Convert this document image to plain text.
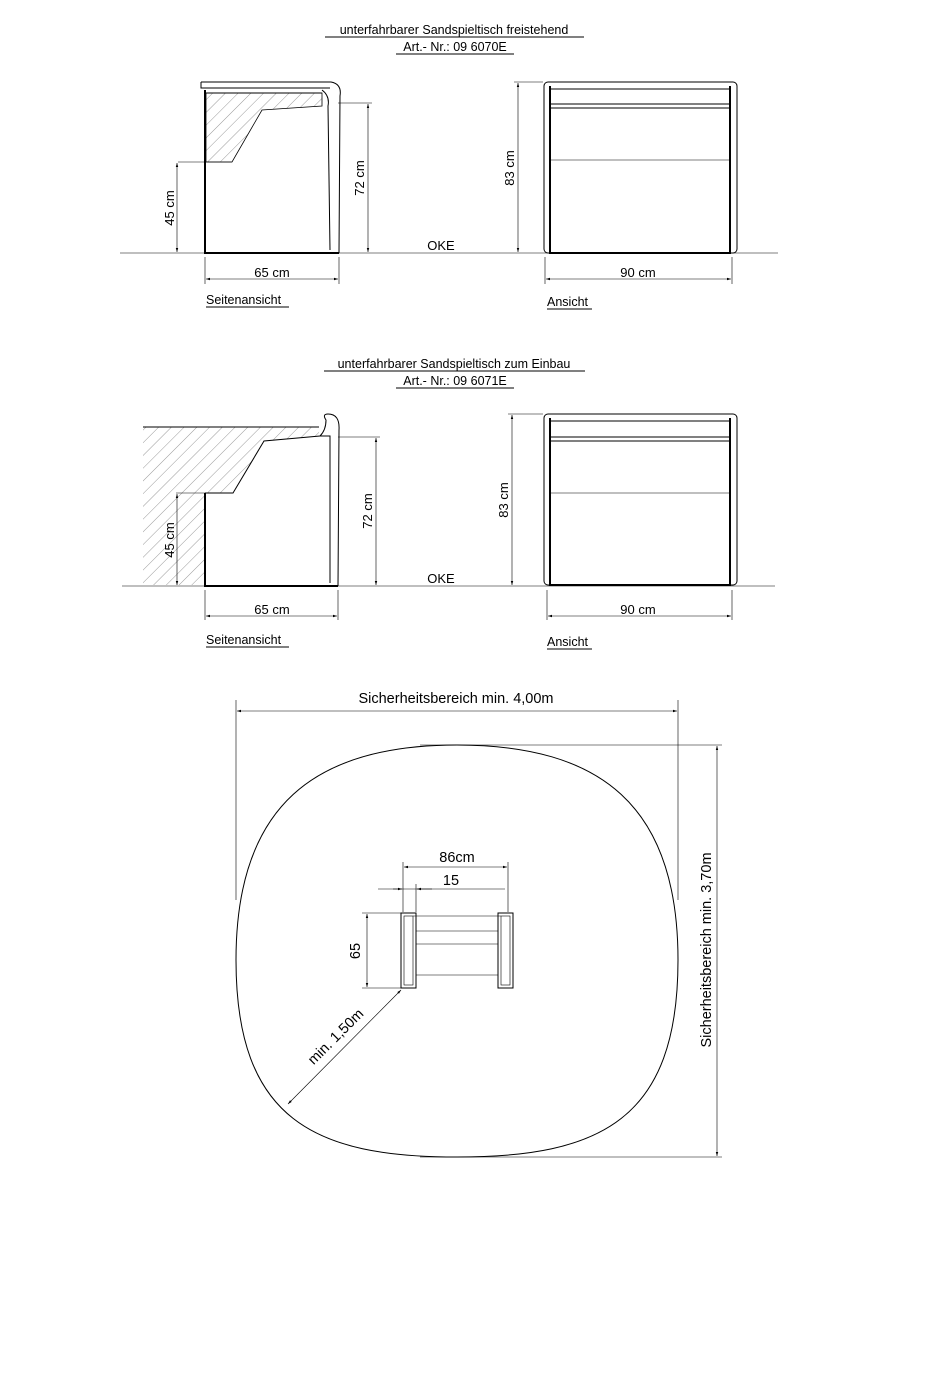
unterfahrbarer Sandspieltisch freistehend
Art.- Nr.: 09 6070E
45 cm
72 cm
65 cm
Seitenansicht
OKE
83 cm
90 cm
Ansicht
unterfahrbarer Sandspieltisch zum Einbau
Art.- Nr.: 09 6071E
45 cm
72 cm
65 cm
Seitenansicht
OKE
83 cm
90 cm
Ansicht
Sicherheitsbereich min. 4,00m
Sicherheitsbereich min. 3,70m
86cm
15
65
min. 1,50m
